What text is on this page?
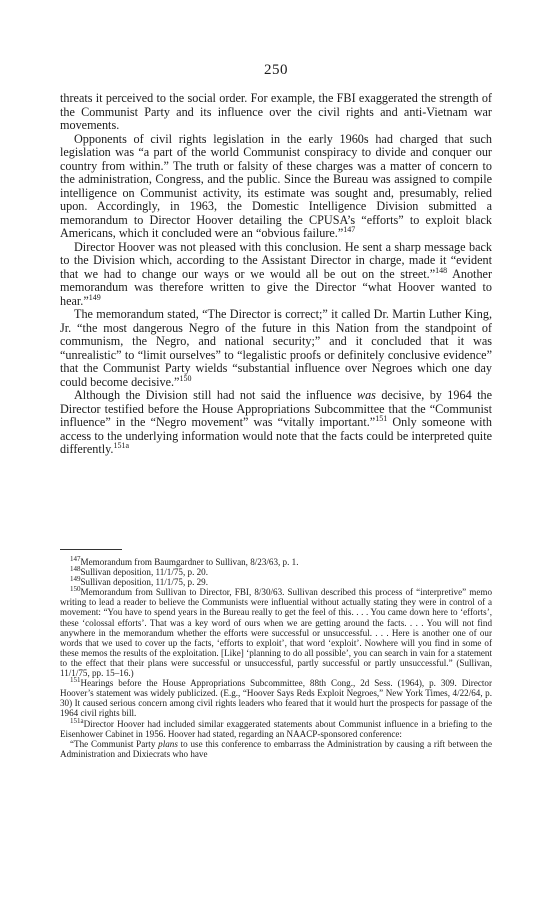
250

threats it perceived to the social order. For example, the FBI exaggerated the strength of the Communist Party and its influence over the civil rights and anti-Vietnam war movements.

Opponents of civil rights legislation in the early 1960s had charged that such legislation was “a part of the world Communist conspiracy to divide and conquer our country from within.” The truth or falsity of these charges was a matter of concern to the administration, Congress, and the public. Since the Bureau was assigned to compile intelligence on Communist activity, its estimate was sought and, presumably, relied upon. Accordingly, in 1963, the Domestic Intelligence Division submitted a memorandum to Director Hoover detailing the CPUSA’s “efforts” to exploit black Americans, which it concluded were an “obvious failure.”$^{147}$

Director Hoover was not pleased with this conclusion. He sent a sharp message back to the Division which, according to the Assistant Director in charge, made it “evident that we had to change our ways or we would all be out on the street.”$^{148}$ Another memorandum was therefore written to give the Director “what Hoover wanted to hear.”$^{149}$

The memorandum stated, “The Director is correct;” it called Dr. Martin Luther King, Jr. “the most dangerous Negro of the future in this Nation from the standpoint of communism, the Negro, and national security;” and it concluded that it was “unrealistic” to “limit ourselves” to “legalistic proofs or definitely conclusive evidence” that the Communist Party wields “substantial influence over Negroes which one day could become decisive.”$^{150}$

Although the Division still had not said the influence was decisive, by 1964 the Director testified before the House Appropriations Subcommittee that the “Communist influence” in the “Negro movement” was “vitally important.”$^{151}$ Only someone with access to the underlying information would note that the facts could be interpreted quite differently.$^{151a}$

$^{147}$Memorandum from Baumgardner to Sullivan, 8/23/63, p. 1.

$^{148}$Sullivan deposition, 11/1/75, p. 20.

$^{149}$Sullivan deposition, 11/1/75, p. 29.

$^{150}$Memorandum from Sullivan to Director, FBI, 8/30/63. Sullivan described this process of “interpretive” memo writing to lead a reader to believe the Communists were influential without actually stating they were in control of a movement: “You have to spend years in the Bureau really to get the feel of this. . . . You came down here to ‘efforts’, these ‘colossal efforts’. That was a key word of ours when we are getting around the facts. . . . You will not find anywhere in the memorandum whether the efforts were successful or unsuccessful. . . . Here is another one of our words that we used to cover up the facts, ‘efforts to exploit’, that word ‘exploit’. Nowhere will you find in some of these memos the results of the exploitation. [Like] ‘planning to do all possible’, you can search in vain for a statement to the effect that their plans were successful or unsuccessful, partly successful or partly unsuccessful.” (Sullivan, 11/1/75, pp. 15–16.)

$^{151}$Hearings before the House Appropriations Subcommittee, 88th Cong., 2d Sess. (1964), p. 309. Director Hoover’s statement was widely publicized. (E.g., “Hoover Says Reds Exploit Negroes,” New York Times, 4/22/64, p. 30) It caused serious concern among civil rights leaders who feared that it would hurt the prospects for passage of the 1964 civil rights bill.

$^{151a}$Director Hoover had included similar exaggerated statements about Communist influence in a briefing to the Eisenhower Cabinet in 1956. Hoover had stated, regarding an NAACP-sponsored conference:

“The Communist Party plans to use this conference to embarrass the Administration by causing a rift between the Administration and Dixiecrats who have
